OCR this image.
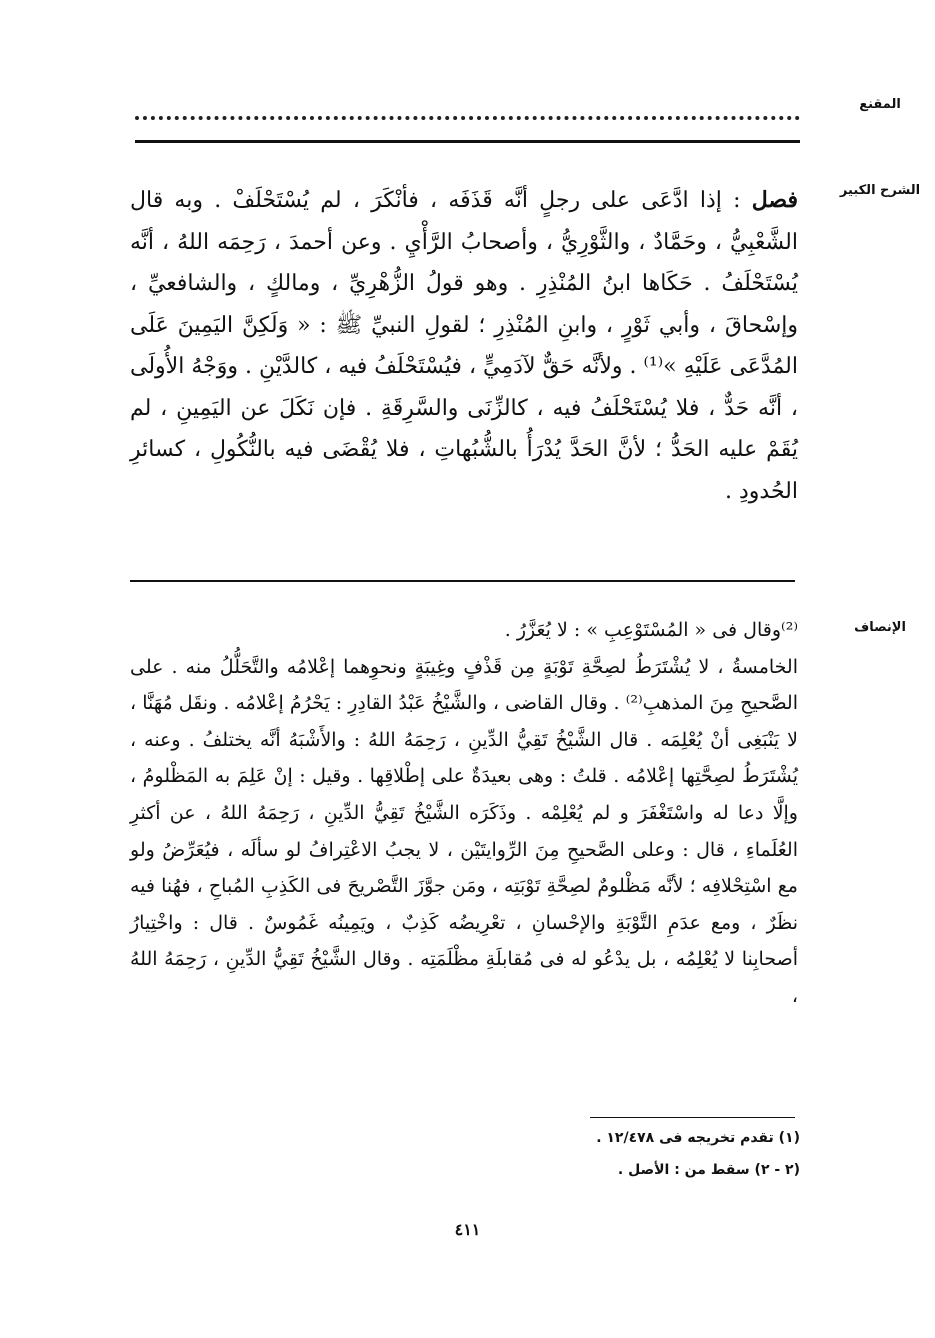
المقنع
الشرح الكبير

فصل : إذا ادَّعَى على رجلٍ أنَّه قَذَفَه ، فأنْكَرَ ، لم يُسْتَحْلَفْ . وبه قال الشَّعْبِيُّ ، وحَمَّادٌ ، والثَّوْرِيُّ ، وأصحابُ الرَّأْيِ . وعن أحمدَ ، رَحِمَه اللهُ ، أنَّه يُسْتَحْلَفُ . حَكَاها ابنُ المُنْذِرِ . وهو قولُ الزُّهْرِيِّ ، ومالكٍ ، والشافعيِّ ، وإسْحاقَ ، وأبي ثَوْرٍ ، وابنِ المُنْذِرِ ؛ لقولِ النبيِّ ﷺ : « وَلَكِنَّ اليَمِينَ عَلَى المُدَّعَى عَلَيْهِ »⁽¹⁾ . ولأنَّه حَقٌّ لآدَمِيٍّ ، فيُسْتَحْلَفُ فيه ، كالدَّيْنِ . ووَجْهُ الأُولَى ، أنَّه حَدٌّ ، فلا يُسْتَحْلَفُ فيه ، كالزِّنَى والسَّرِقَةِ . فإن نَكَلَ عن اليَمِينِ ، لم يُقَمْ عليه الحَدُّ ؛ لأنَّ الحَدَّ يُدْرَأُ بالشُّبُهاتِ ، فلا يُقْضَى فيه بالنُّكُولِ ، كسائرِ الحُدودِ .

الإنصاف

⁽²⁾وقال فى « المُسْتَوْعِبِ » : لا يُعَزَّرُ .

الخامسةُ ، لا يُشْتَرَطُ لصِحَّةِ تَوْبَةٍ مِن قَذْفٍ وغِيبَةٍ ونحوِهما إعْلامُه والتَّحَلُّلُ منه . على الصَّحيحِ مِنَ المذهبِ⁽²⁾ . وقال القاضى ، والشَّيْخُ عَبْدُ القادِرِ : يَحْرُمُ إعْلامُه . ونقَل مُهَنَّا ، لا يَنْبَغِى أنْ يُعْلِمَه . قال الشَّيْخُ تَقِيُّ الدِّينِ ، رَحِمَهُ اللهُ : والأَشْبَهُ أنَّه يختلفُ . وعنه ، يُشْتَرَطُ لصِحَّتِها إعْلامُه . قلتُ : وهى بعيدَةٌ على إطْلاقِها . وقيل : إنْ عَلِمَ به المَظْلومُ ، وإلَّا دعا له واسْتَغْفَرَ و لم يُعْلِمْه . وذَكَرَه الشَّيْخُ تَقِيُّ الدِّينِ ، رَحِمَهُ اللهُ ، عن أكثرِ العُلَماءِ ، قال : وعلى الصَّحيحِ مِنَ الرِّوايتَيْن ، لا يجبُ الاعْتِرافُ لو سألَه ، فيُعَرِّضُ ولو مع اسْتِحْلافِه ؛ لأنَّه مَظْلومٌ لصِحَّةِ تَوْبَتِه ، ومَن جوَّزَ التَّصْريحَ فى الكَذِبِ المُباحِ ، فهُنا فيه نظَرٌ ، ومع عدَمِ التَّوْبَةِ والإحْسانِ ، تعْرِيضُه كَذِبٌ ، ويَمِينُه غَمُوسٌ . قال : واخْتِيارُ أصحابِنا لا يُعْلِمُه ، بل يدْعُو له فى مُقابلَةِ مظْلَمَتِه . وقال الشَّيْخُ تَقِيُّ الدِّينِ ، رَحِمَهُ اللهُ ،

(١) تقدم تخريجه فى ١٢/٤٧٨ .
(٢ - ٢) سقط من : الأصل .
٤١١
